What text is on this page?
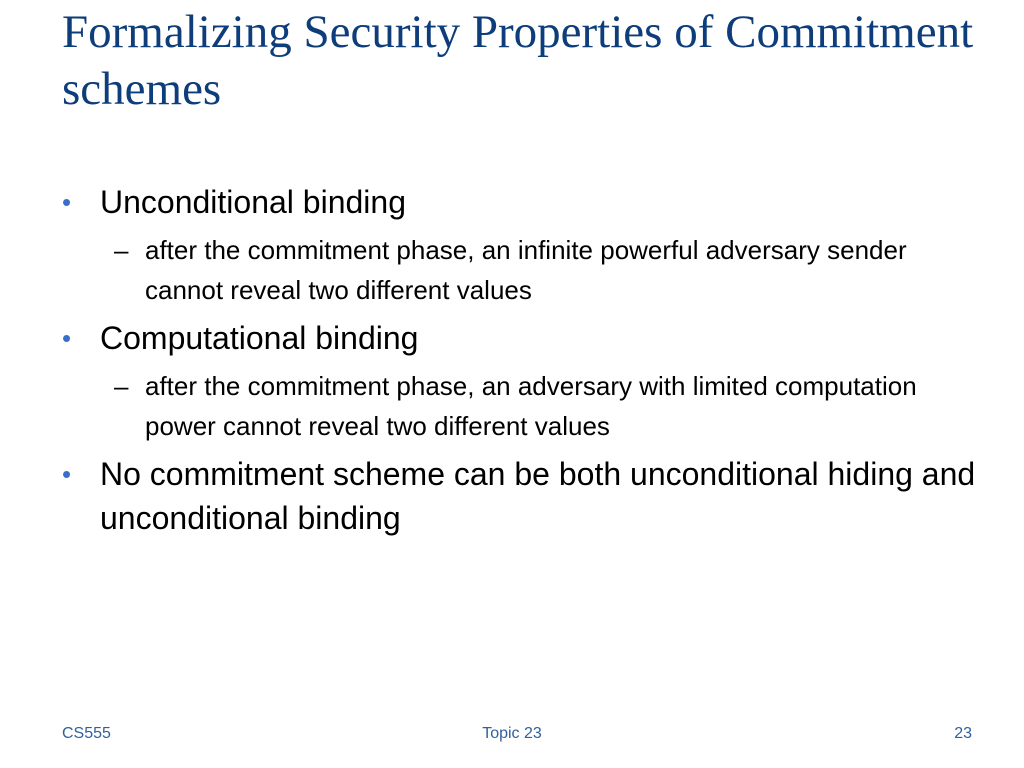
Formalizing Security Properties of Commitment schemes
• Unconditional binding
– after the commitment phase, an infinite powerful adversary sender cannot reveal two different values
• Computational binding
– after the commitment phase, an adversary with limited computation power cannot reveal two different values
• No commitment scheme can be both unconditional hiding and unconditional binding
CS555	Topic 23	23
